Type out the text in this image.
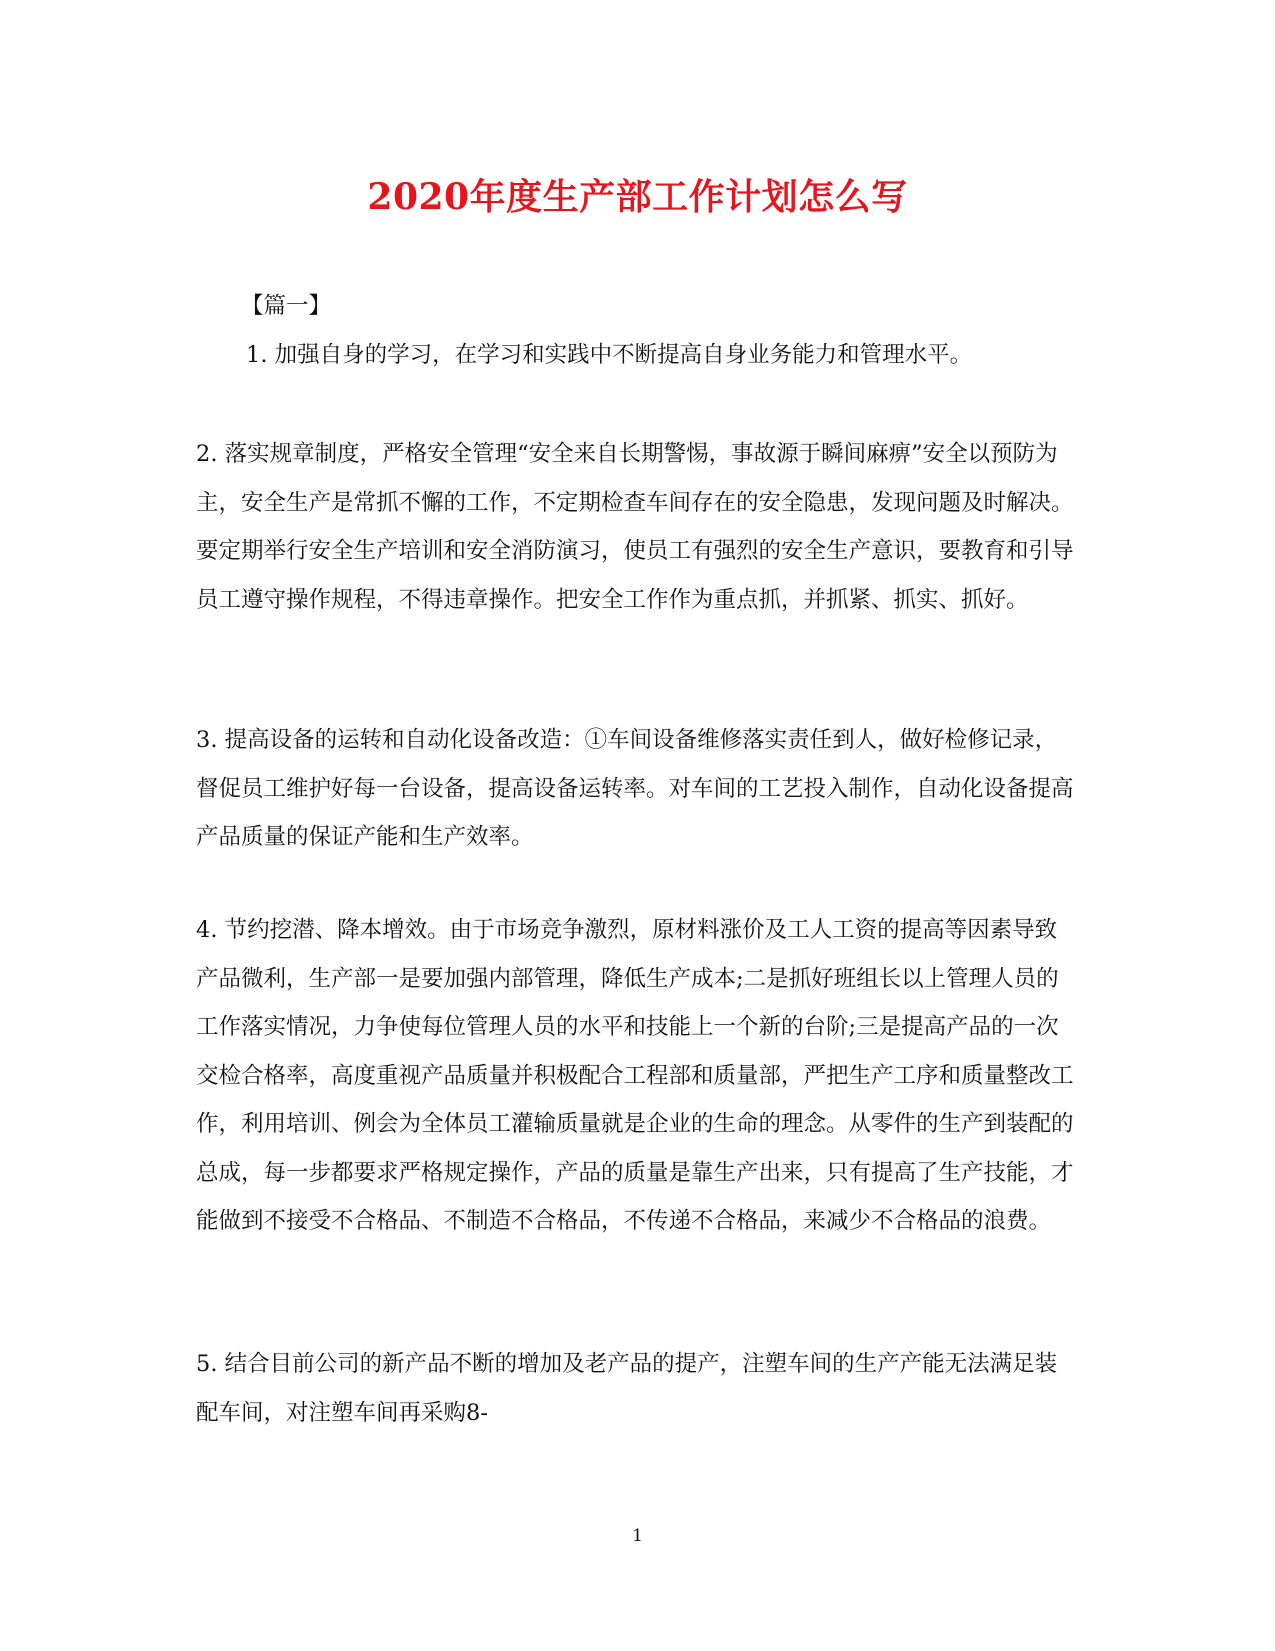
2020年度生产部工作计划怎么写

【篇一】

1. 加强自身的学习，在学习和实践中不断提高自身业务能力和管理水平。

2. 落实规章制度，严格安全管理“安全来自长期警惕，事故源于瞬间麻痹”安全以预防为主，安全生产是常抓不懈的工作，不定期检查车间存在的安全隐患，发现问题及时解决。要定期举行安全生产培训和安全消防演习，使员工有强烈的安全生产意识，要教育和引导员工遵守操作规程，不得违章操作。把安全工作作为重点抓，并抓紧、抓实、抓好。

3. 提高设备的运转和自动化设备改造：①车间设备维修落实责任到人，做好检修记录，督促员工维护好每一台设备，提高设备运转率。对车间的工艺投入制作，自动化设备提高产品质量的保证产能和生产效率。

4. 节约挖潜、降本增效。由于市场竞争激烈，原材料涨价及工人工资的提高等因素导致产品微利，生产部一是要加强内部管理，降低生产成本;二是抓好班组长以上管理人员的工作落实情况，力争使每位管理人员的水平和技能上一个新的台阶;三是提高产品的一次交检合格率，高度重视产品质量并积极配合工程部和质量部，严把生产工序和质量整改工作，利用培训、例会为全体员工灌输质量就是企业的生命的理念。从零件的生产到装配的总成，每一步都要求严格规定操作，产品的质量是靠生产出来，只有提高了生产技能，才能做到不接受不合格品、不制造不合格品，不传递不合格品，来减少不合格品的浪费。

5. 结合目前公司的新产品不断的增加及老产品的提产，注塑车间的生产产能无法满足装配车间，对注塑车间再采购8-

1
